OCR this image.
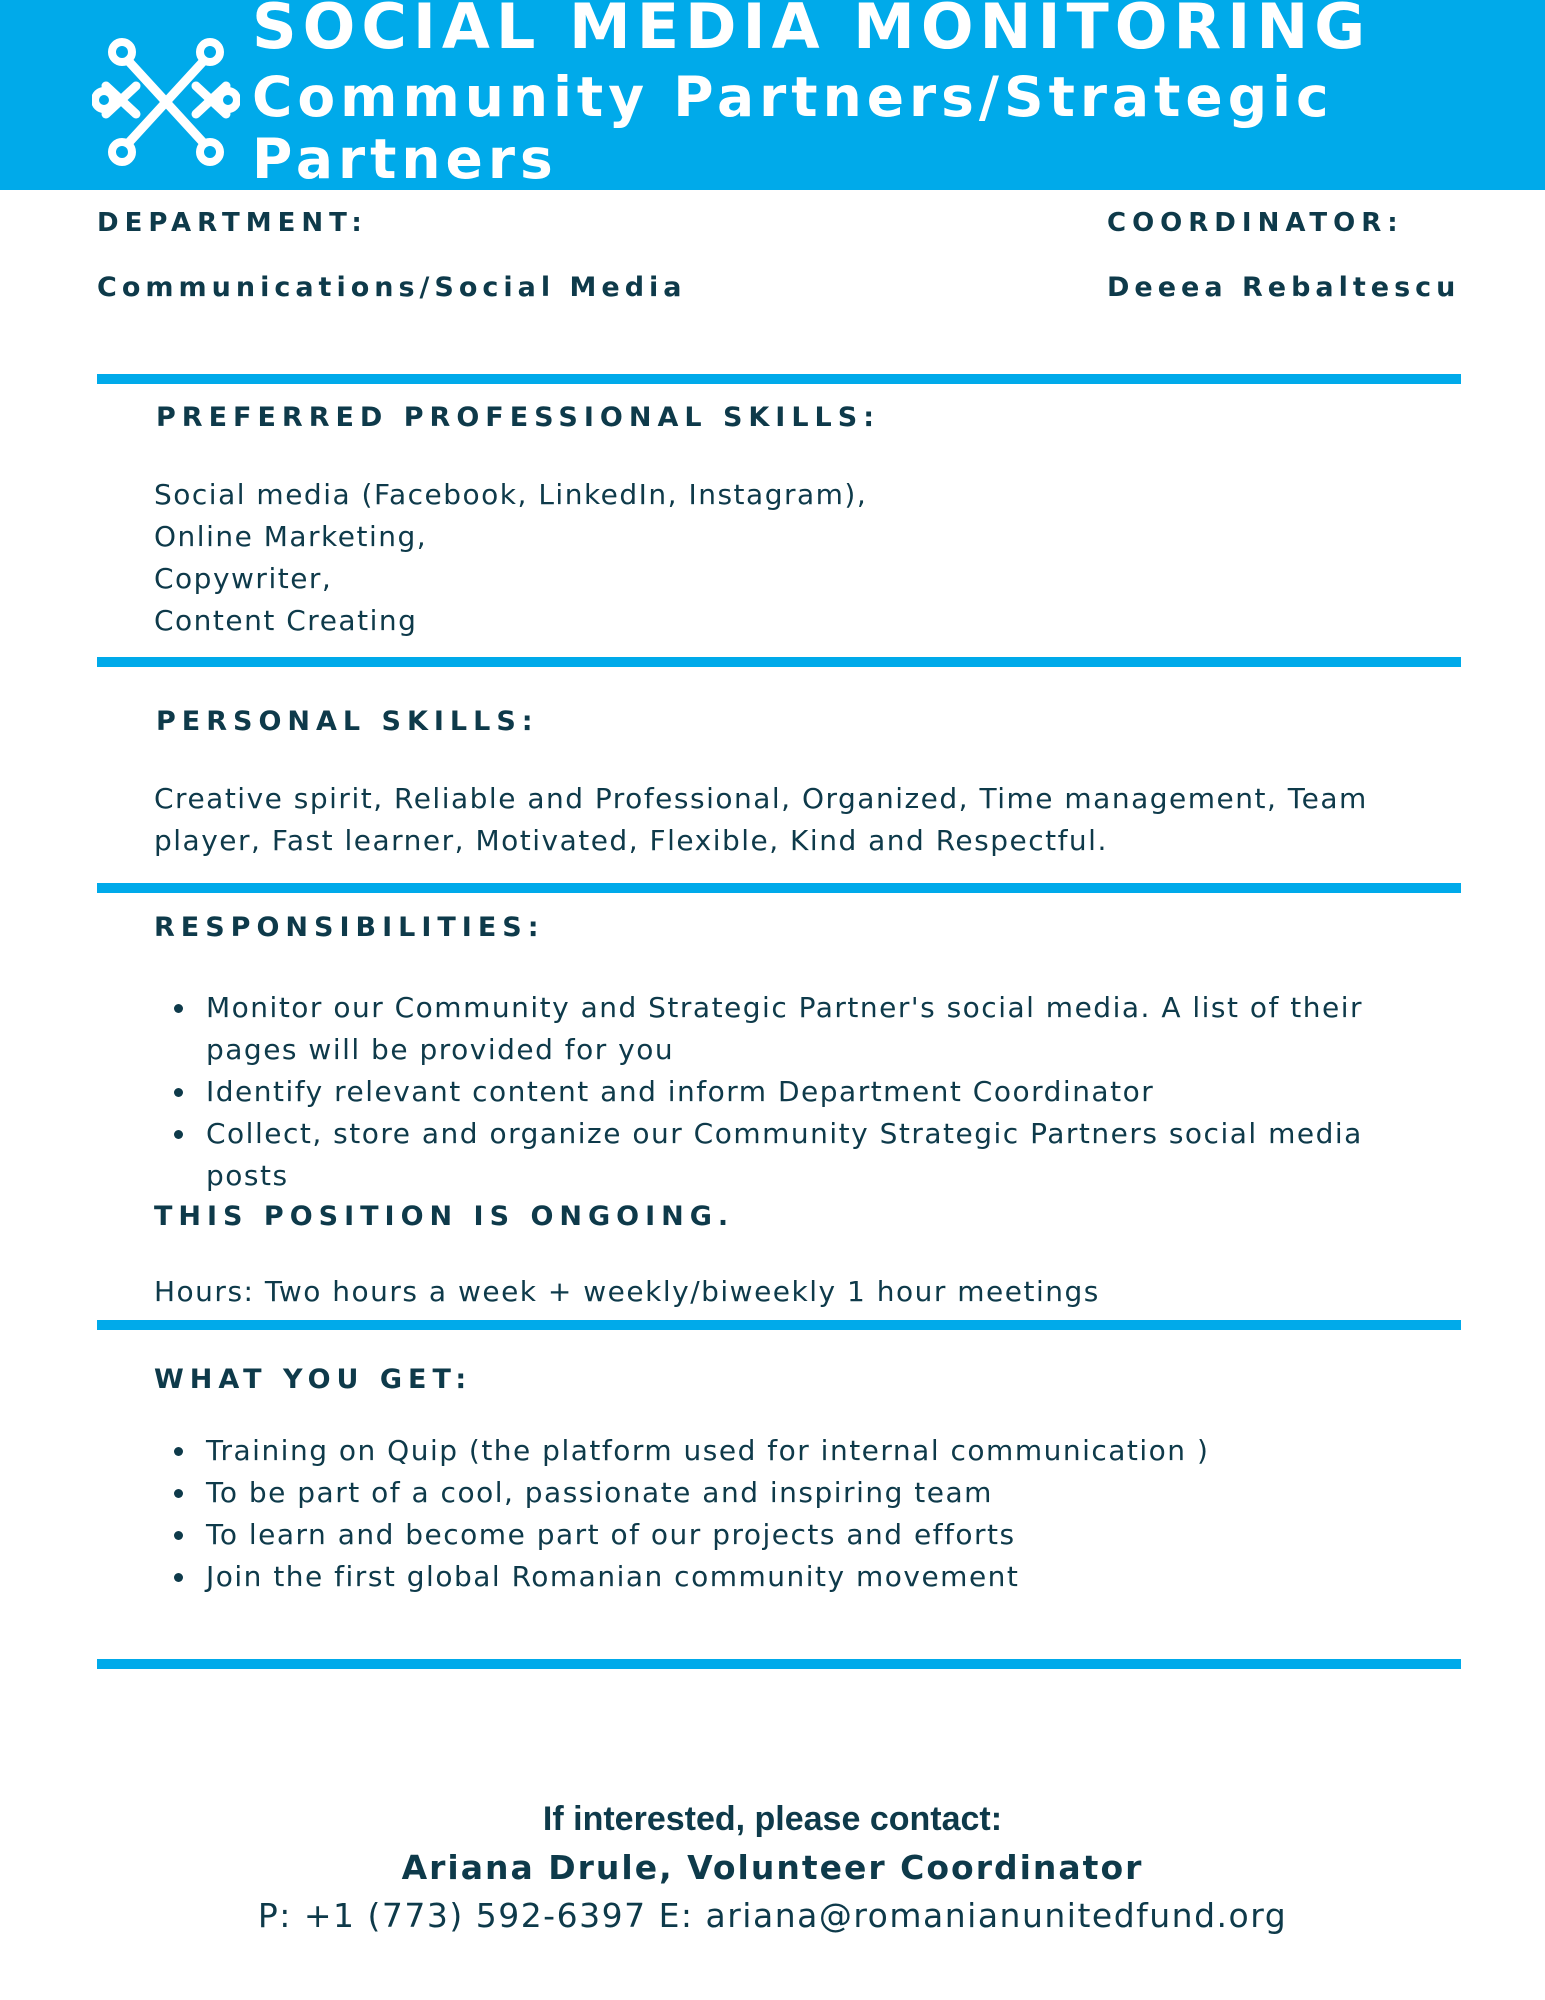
SOCIAL MEDIA MONITORING
Community Partners/Strategic
Partners
DEPARTMENT:
Communications/Social Media
COORDINATOR:
Deeea Rebaltescu
PREFERRED PROFESSIONAL SKILLS:
Social media (Facebook, LinkedIn, Instagram),
Online Marketing,
Copywriter,
Content Creating
PERSONAL SKILLS:
Creative spirit, Reliable and Professional, Organized, Time management, Team
player, Fast learner, Motivated, Flexible, Kind and Respectful.
RESPONSIBILITIES:
Monitor our Community and Strategic Partner's social media. A list of their
pages will be provided for you
Identify relevant content and inform Department Coordinator
Collect, store and organize our Community Strategic Partners social media
posts
THIS POSITION IS ONGOING.
Hours: Two hours a week + weekly/biweekly 1 hour meetings
WHAT YOU GET:
Training on Quip (the platform used for internal communication )
To be part of a cool, passionate and inspiring team
To learn and become part of our projects and efforts
Join the first global Romanian community movement
If interested, please contact:
Ariana Drule, Volunteer Coordinator
P: +1 (773) 592-6397 E: ariana@romanianunitedfund.org
